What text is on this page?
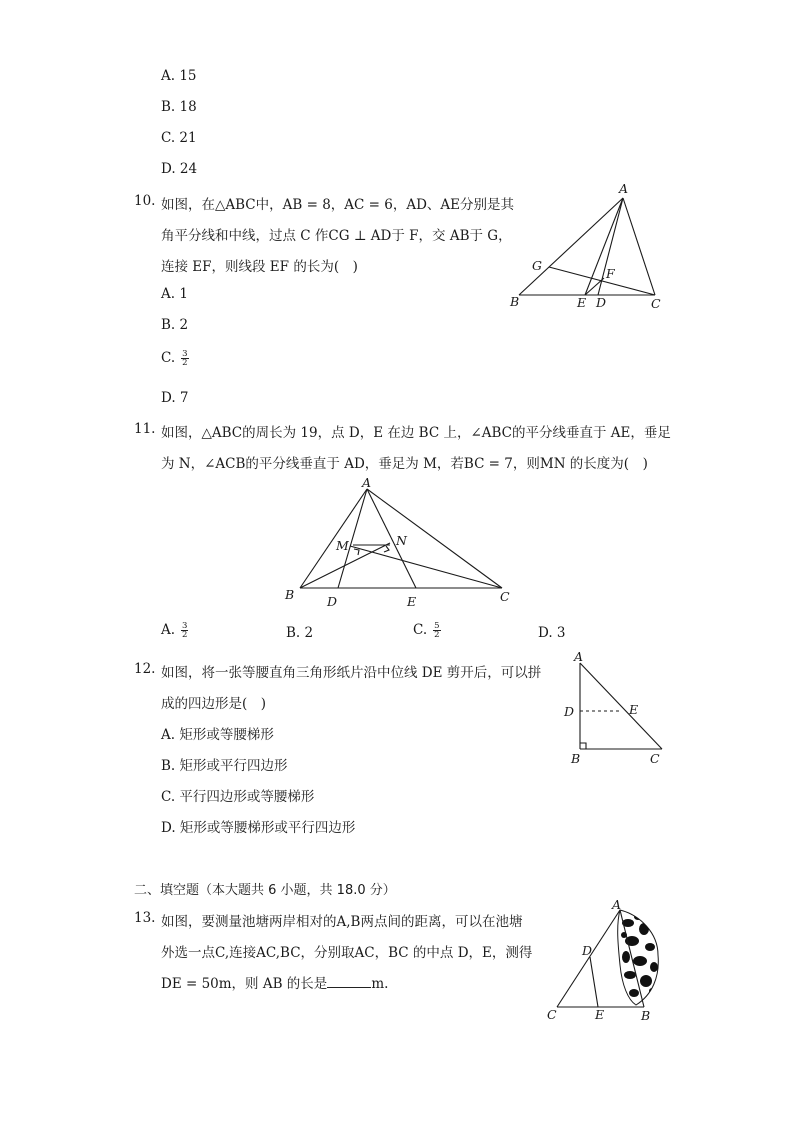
A. 15
B. 18
C. 21
D. 24
10. 如图，在△ABC中，AB = 8，AC = 6，AD、AE分别是其
角平分线和中线，过点 C 作CG ⊥ AD于 F，交 AB于 G，
连接 EF，则线段 EF 的长为(　)
A. 1
B. 2
C. $\frac{3}{2}$
D. 7
A
B	C
D
E
F
G
11. 如图，△ABC的周长为 19，点 D，E 在边 BC 上，∠ABC的平分线垂直于 AE，垂足
为 N，∠ACB的平分线垂直于 AD，垂足为 M，若BC = 7，则MN 的长度为(　)
A
B	C
D	E
M	N
A. $\frac{3}{2}$	B. 2	C. $\frac{5}{2}$	D. 3
12. 如图，将一张等腰直角三角形纸片沿中位线 DE 剪开后，可以拼
成的四边形是(　)
A. 矩形或等腰梯形
B. 矩形或平行四边形
C. 平行四边形或等腰梯形
D. 矩形或等腰梯形或平行四边形
A
B	C
D	E
二、填空题（本大题共 6 小题，共 18.0 分）
13. 如图，要测量池塘两岸相对的A,B两点间的距离，可以在池塘
外选一点C,连接AC,BC，分别取AC，BC 的中点 D，E，测得
DE = 50m，则 AB 的长是	m.
A
B
C
D
E
